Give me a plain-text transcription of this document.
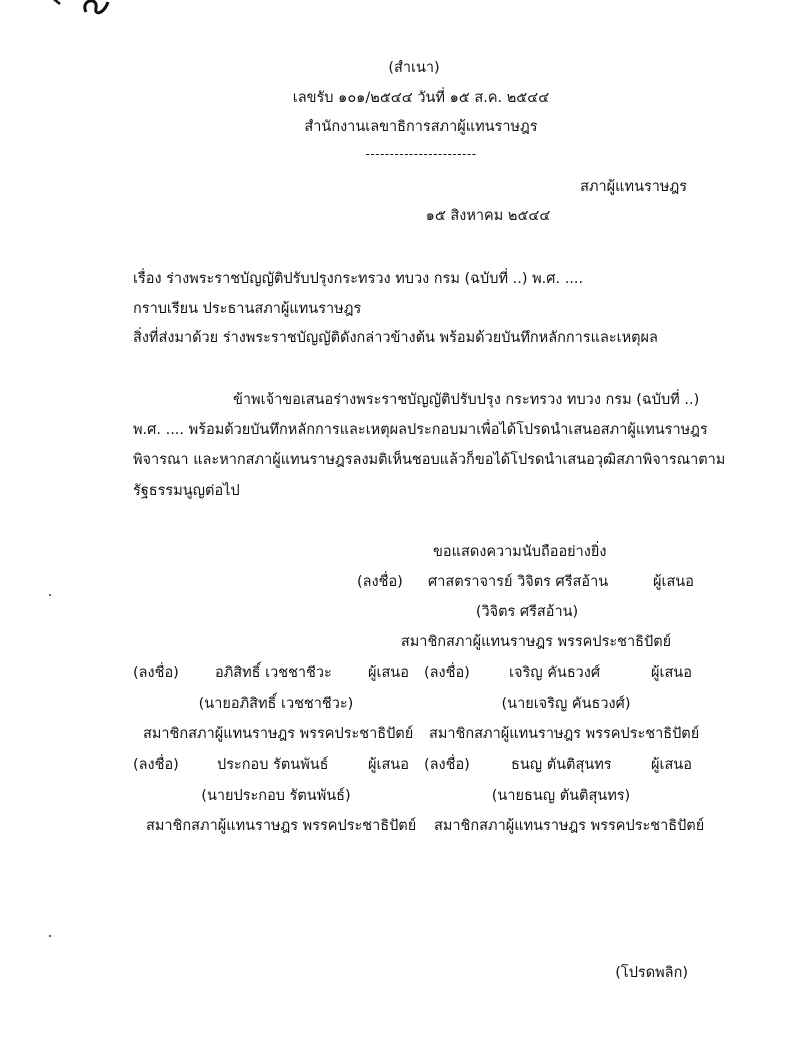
(สำเนา)
เลขรับ ๑๐๑/๒๕๔๔ วันที่ ๑๕ ส.ค. ๒๕๔๔
สำนักงานเลขาธิการสภาผู้แทนราษฎร
-----------------------
สภาผู้แทนราษฎร
๑๕ สิงหาคม ๒๕๔๔
เรื่อง ร่างพระราชบัญญัติปรับปรุงกระทรวง ทบวง กรม (ฉบับที่ ..) พ.ศ. ....
กราบเรียน ประธานสภาผู้แทนราษฎร
สิ่งที่ส่งมาด้วย ร่างพระราชบัญญัติดังกล่าวข้างต้น พร้อมด้วยบันทึกหลักการและเหตุผล
ข้าพเจ้าขอเสนอร่างพระราชบัญญัติปรับปรุง กระทรวง ทบวง กรม (ฉบับที่ ..)
พ.ศ. .... พร้อมด้วยบันทึกหลักการและเหตุผลประกอบมาเพื่อได้โปรดนำเสนอสภาผู้แทนราษฎร
พิจารณา และหากสภาผู้แทนราษฎรลงมติเห็นชอบแล้วก็ขอได้โปรดนำเสนอวุฒิสภาพิจารณาตาม
รัฐธรรมนูญต่อไป
ขอแสดงความนับถืออย่างยิ่ง
(ลงชื่อ) ศาสตราจารย์ วิจิตร ศรีสอ้าน	ผู้เสนอ
(วิจิตร ศรีสอ้าน)
สมาชิกสภาผู้แทนราษฎร พรรคประชาธิปัตย์
(ลงชื่อ) อภิสิทธิ์ เวชชาชีวะ ผู้เสนอ (ลงชื่อ)	เจริญ คันธวงศ์	ผู้เสนอ
(นายอภิสิทธิ์ เวชชาชีวะ)	(นายเจริญ คันธวงศ์)
สมาชิกสภาผู้แทนราษฎร พรรคประชาธิปัตย์ สมาชิกสภาผู้แทนราษฎร พรรคประชาธิปัตย์
(ลงชื่อ)	ประกอบ รัตนพันธ์	ผู้เสนอ (ลงชื่อ)	ธนญ ตันติสุนทร	ผู้เสนอ
(นายประกอบ รัตนพันธ์)	(นายธนญ ตันติสุนทร)
สมาชิกสภาผู้แทนราษฎร พรรคประชาธิปัตย์ สมาชิกสภาผู้แทนราษฎร พรรคประชาธิปัตย์
(โปรดพลิก)
